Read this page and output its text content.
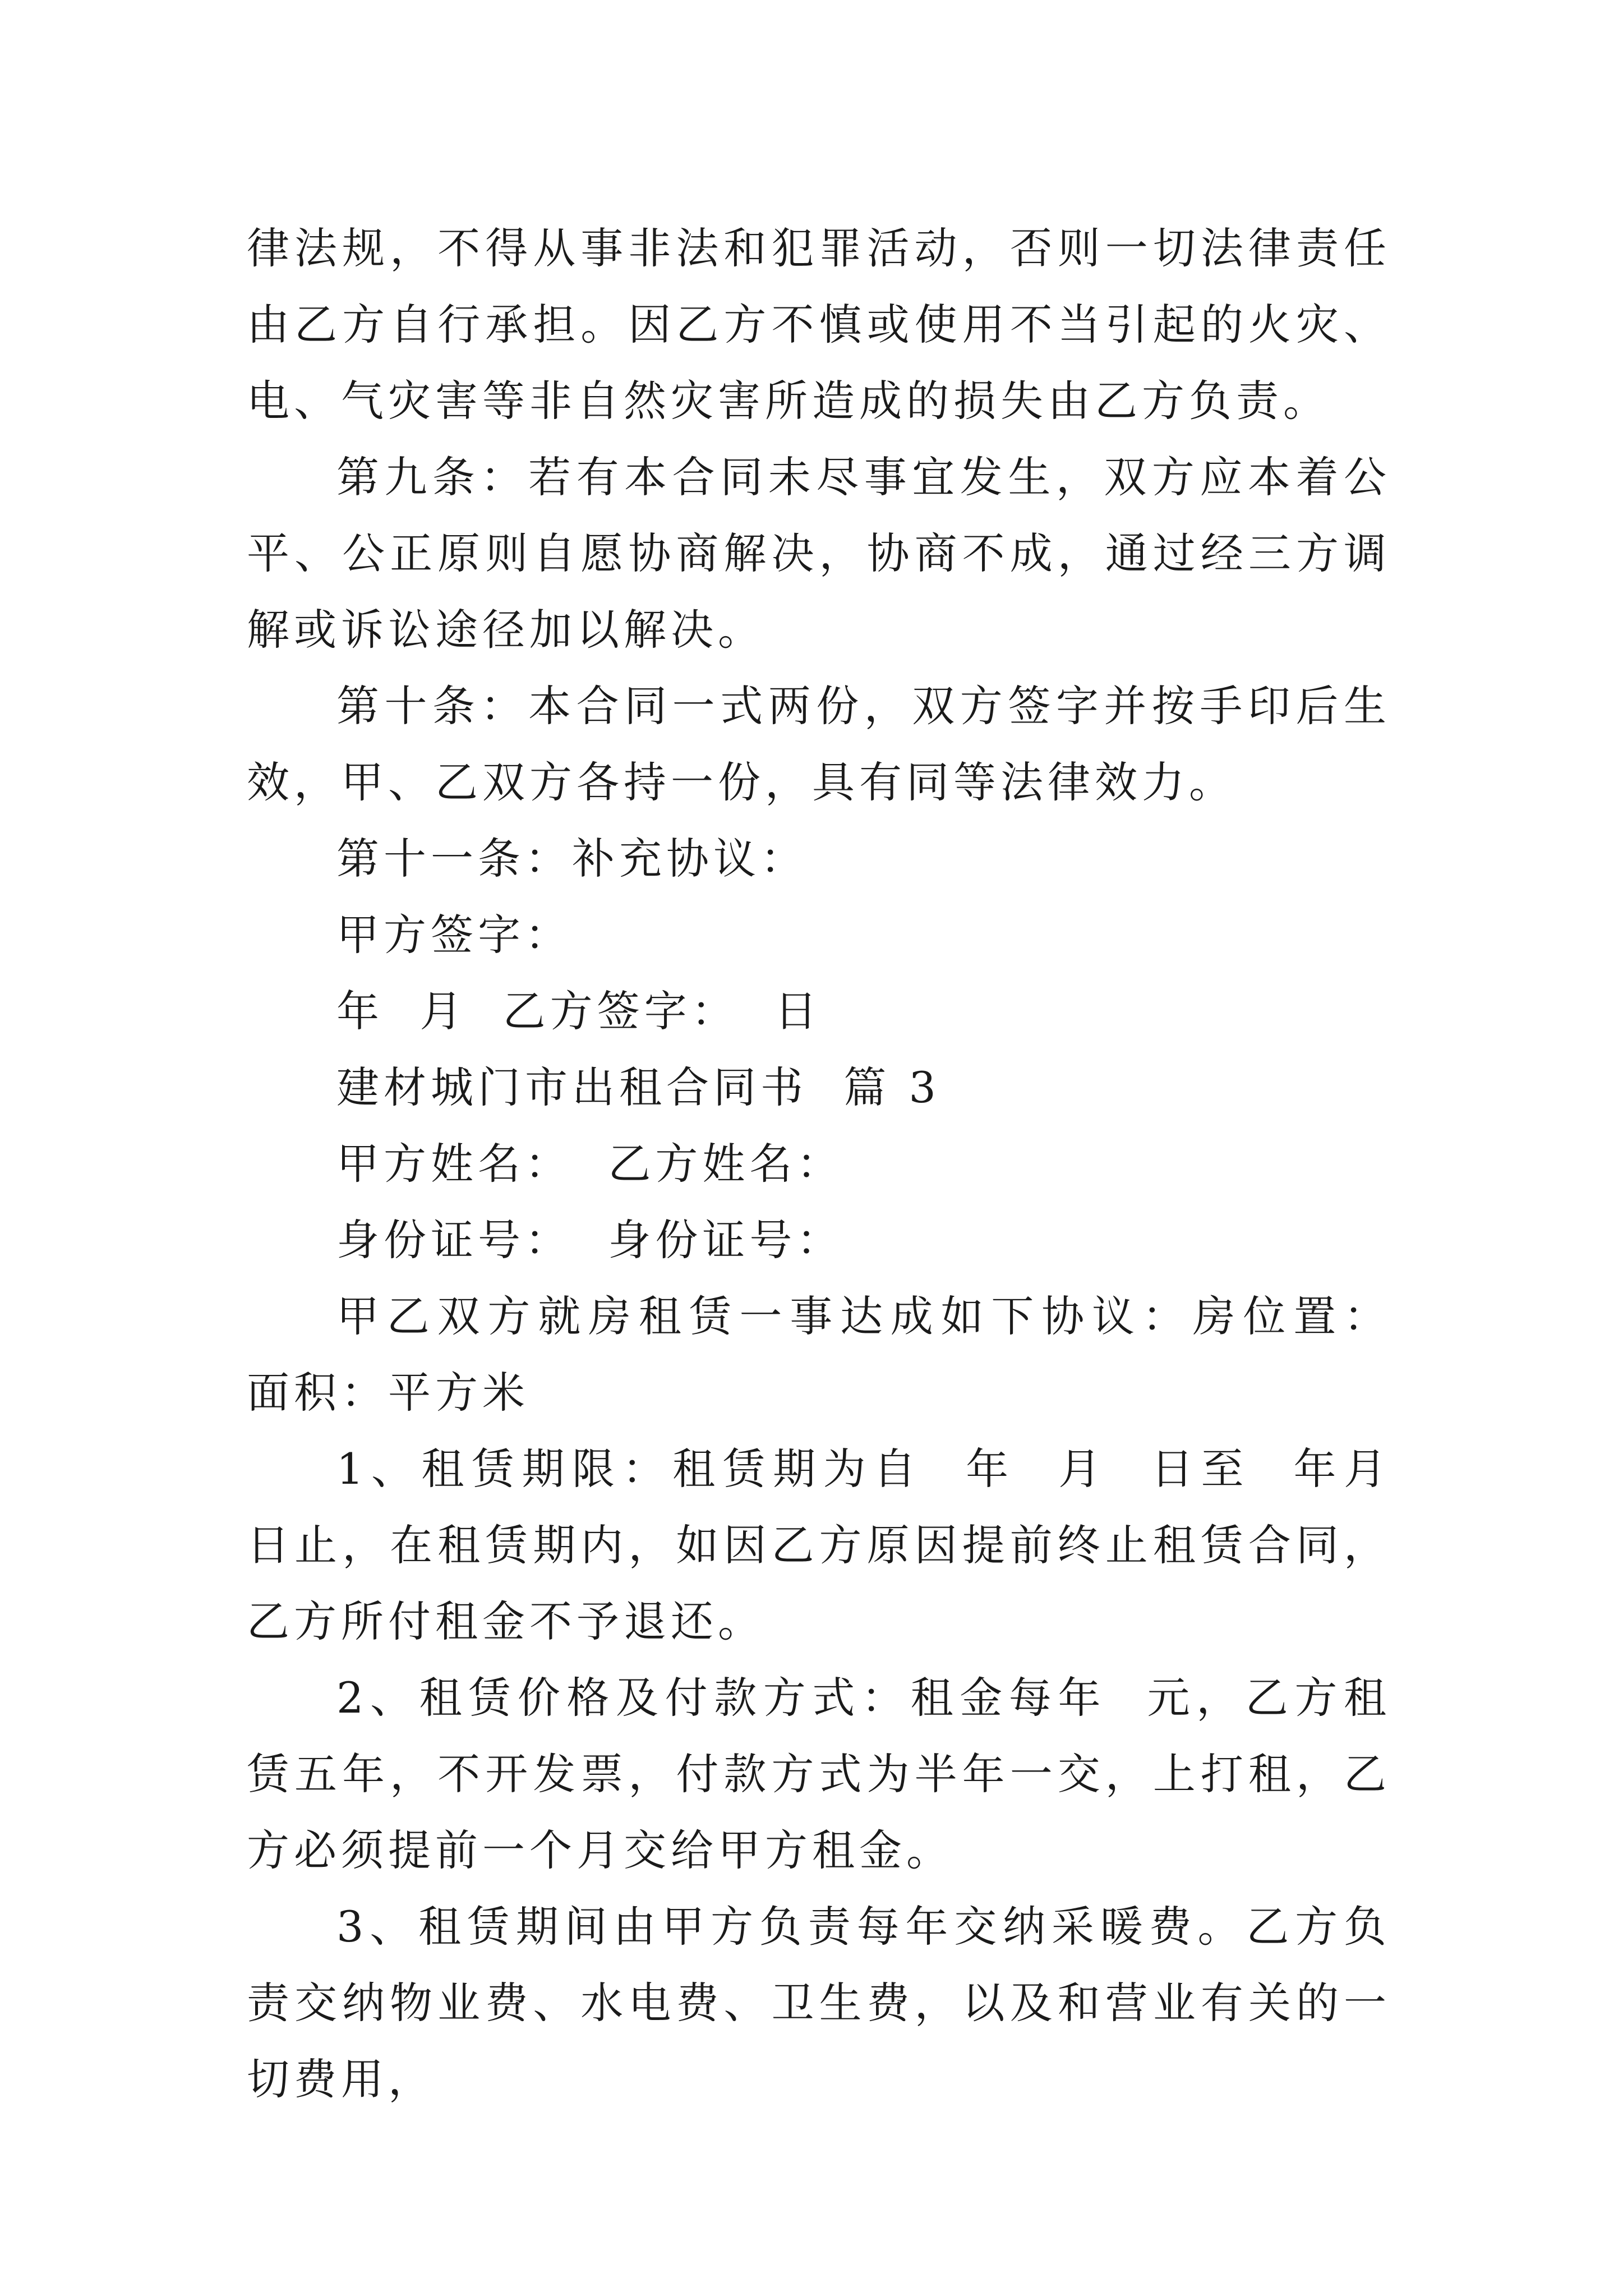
律法规，不得从事非法和犯罪活动，否则一切法律责任由乙方自行承担。因乙方不慎或使用不当引起的火灾、电、气灾害等非自然灾害所造成的损失由乙方负责。

第九条：若有本合同未尽事宜发生，双方应本着公平、公正原则自愿协商解决，协商不成，通过经三方调解或诉讼途径加以解决。

第十条：本合同一式两份，双方签字并按手印后生效，甲、乙双方各持一份，具有同等法律效力。

第十一条：补充协议：

甲方签字：

年  月  乙方签字：  日

建材城门市出租合同书  篇 3

甲方姓名：  乙方姓名：

身份证号：  身份证号：

甲乙双方就房租赁一事达成如下协议：房位置：  面积：平方米

1、租赁期限：租赁期为自  年  月  日至  年月  日止，在租赁期内，如因乙方原因提前终止租赁合同，乙方所付租金不予退还。

2、租赁价格及付款方式：租金每年  元，乙方租赁五年，不开发票，付款方式为半年一交，上打租，乙方必须提前一个月交给甲方租金。

3、租赁期间由甲方负责每年交纳采暖费。乙方负责交纳物业费、水电费、卫生费，以及和营业有关的一切费用，
